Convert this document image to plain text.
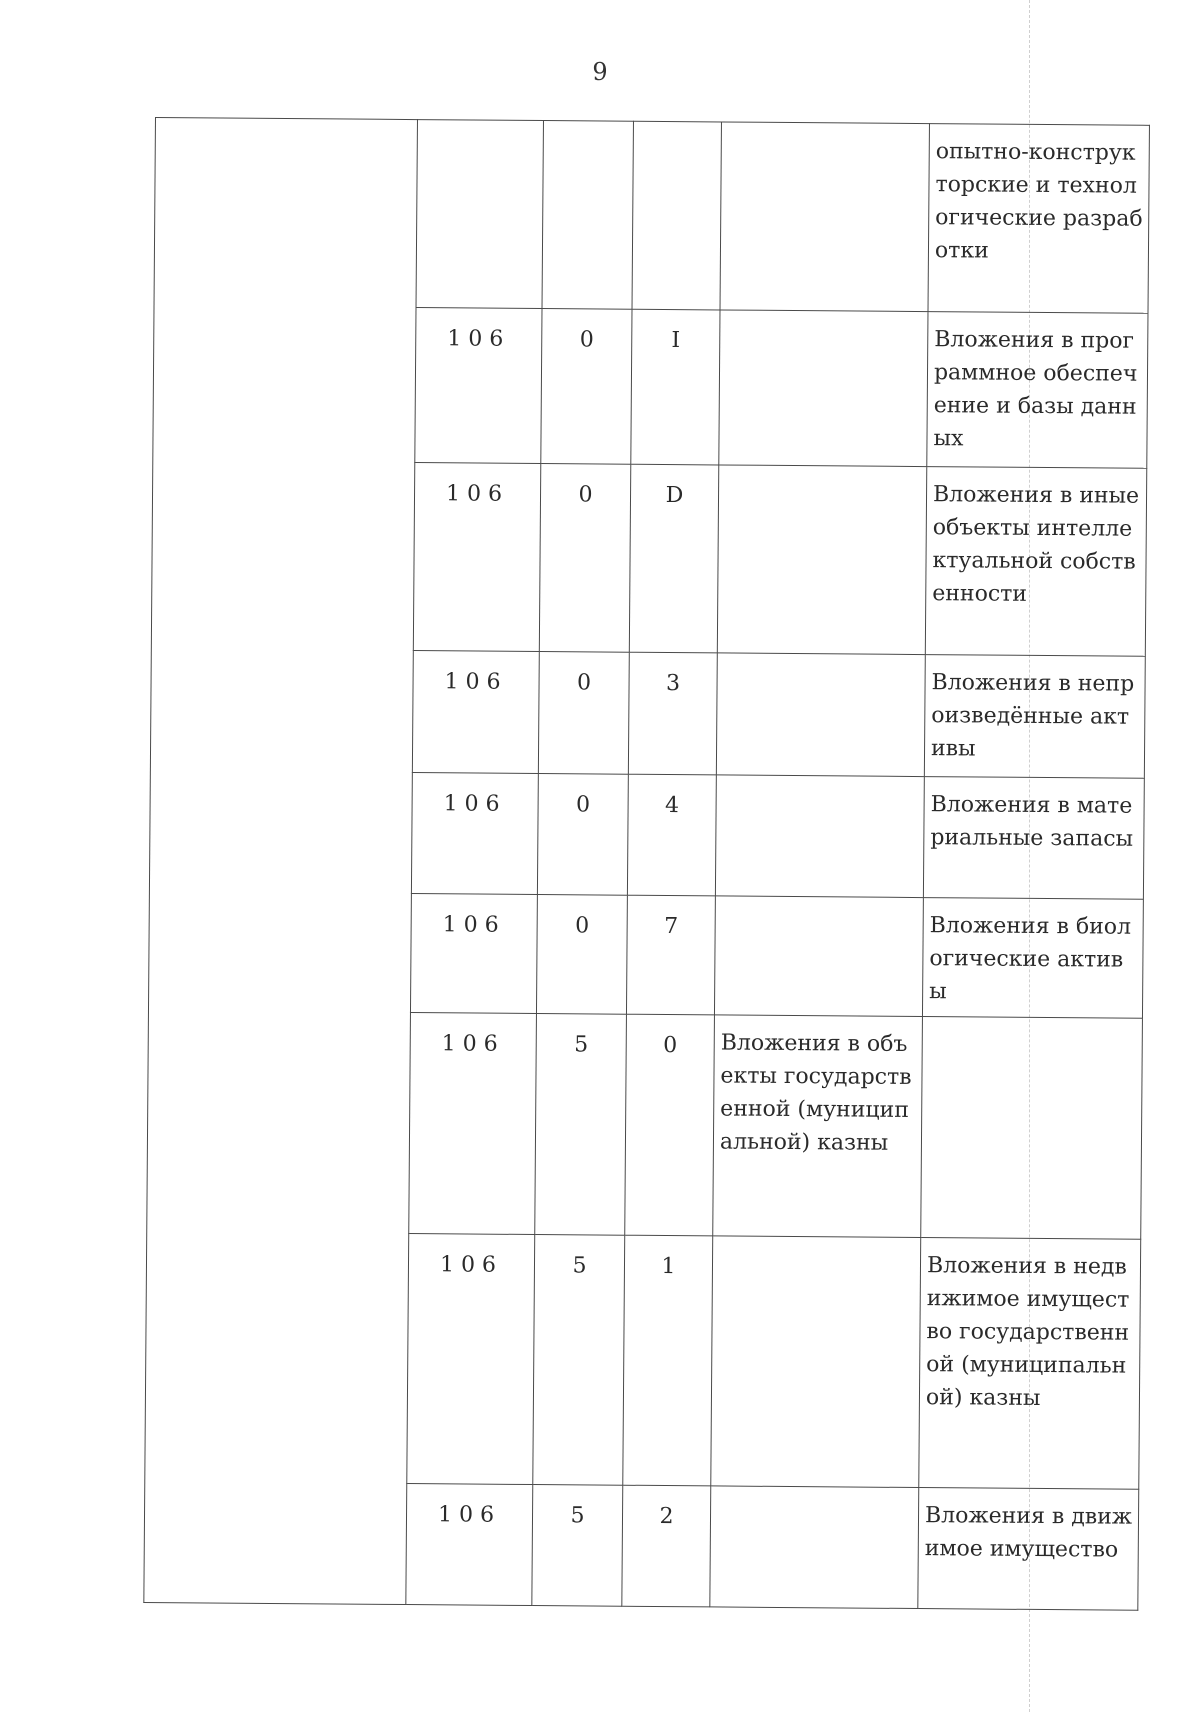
9
					опытно-конструкторские и технологические разработки
	106	0	I		Вложения в программное обеспечение и базы данных
	106	0	D		Вложения в иные объекты интеллектуальной собственности
	106	0	3		Вложения в непроизведённые активы
	106	0	4		Вложения в материальные запасы
	106	0	7		Вложения в биологические активы
	106	5	0	Вложения в объекты государственной (муниципальной) казны	
	106	5	1		Вложения в недвижимое имущество государственной (муниципальной) казны
	106	5	2		Вложения в движимое имущество
